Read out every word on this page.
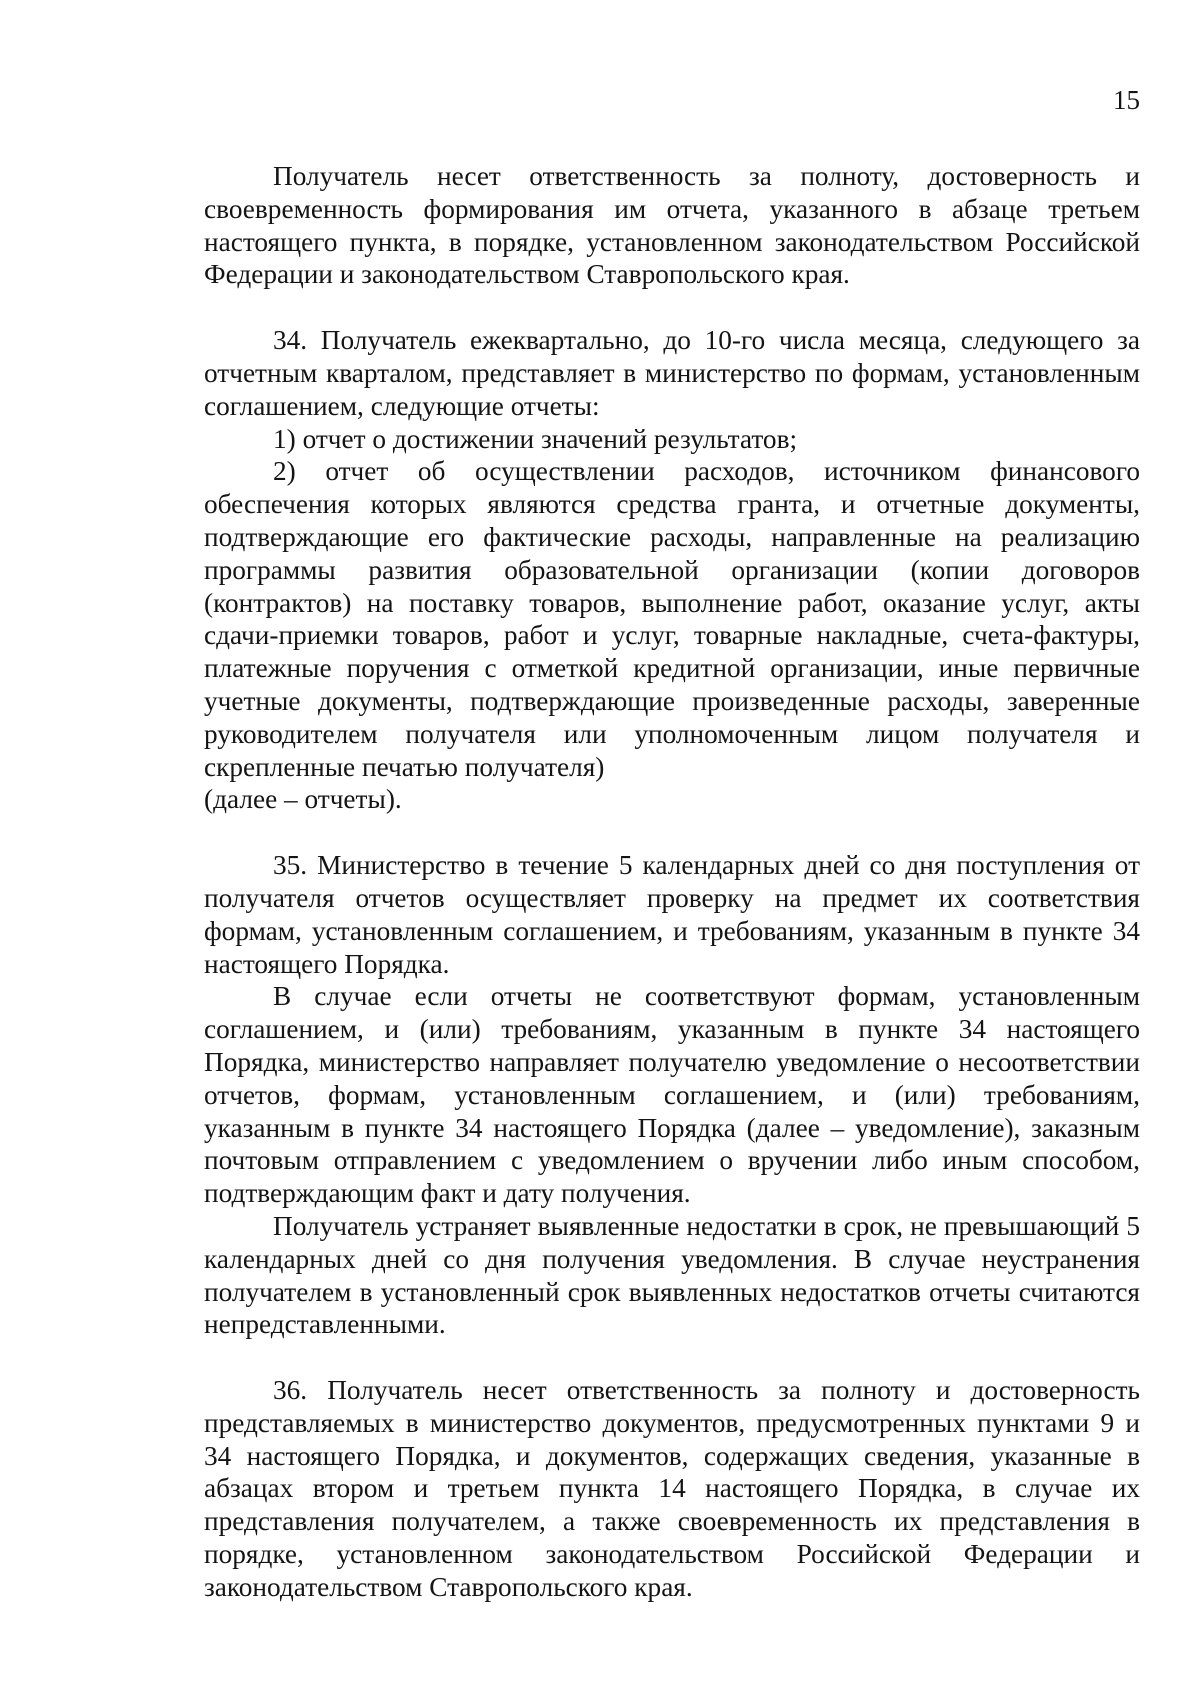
15

Получатель несет ответственность за полноту, достоверность и своевременность формирования им отчета, указанного в абзаце третьем настоящего пункта, в порядке, установленном законодательством Российской Федерации и законодательством Ставропольского края.

34. Получатель ежеквартально, до 10-го числа месяца, следующего за отчетным кварталом, представляет в министерство по формам, установленным соглашением, следующие отчеты:

1) отчет о достижении значений результатов;

2) отчет об осуществлении расходов, источником финансового обеспечения которых являются средства гранта, и отчетные документы, подтверждающие его фактические расходы, направленные на реализацию программы развития образовательной организации (копии договоров (контрактов) на поставку товаров, выполнение работ, оказание услуг, акты сдачи-приемки товаров, работ и услуг, товарные накладные, счета-фактуры, платежные поручения с отметкой кредитной организации, иные первичные учетные документы, подтверждающие произведенные расходы, заверенные руководителем получателя или уполномоченным лицом получателя и скрепленные печатью получателя)

(далее – отчеты).

35. Министерство в течение 5 календарных дней со дня поступления от получателя отчетов осуществляет проверку на предмет их соответствия формам, установленным соглашением, и требованиям, указанным в пункте 34 настоящего Порядка.

В случае если отчеты не соответствуют формам, установленным соглашением, и (или) требованиям, указанным в пункте 34 настоящего Порядка, министерство направляет получателю уведомление о несоответствии отчетов, формам, установленным соглашением, и (или) требованиям, указанным в пункте 34 настоящего Порядка (далее – уведомление), заказным почтовым отправлением с уведомлением о вручении либо иным способом, подтверждающим факт и дату получения.

Получатель устраняет выявленные недостатки в срок, не превышающий 5 календарных дней со дня получения уведомления. В случае неустранения получателем в установленный срок выявленных недостатков отчеты считаются непредставленными.

36. Получатель несет ответственность за полноту и достоверность представляемых в министерство документов, предусмотренных пунктами 9 и 34 настоящего Порядка, и документов, содержащих сведения, указанные в абзацах втором и третьем пункта 14 настоящего Порядка, в случае их представления получателем, а также своевременность их представления в порядке, установленном законодательством Российской Федерации и законодательством Ставропольского края.
